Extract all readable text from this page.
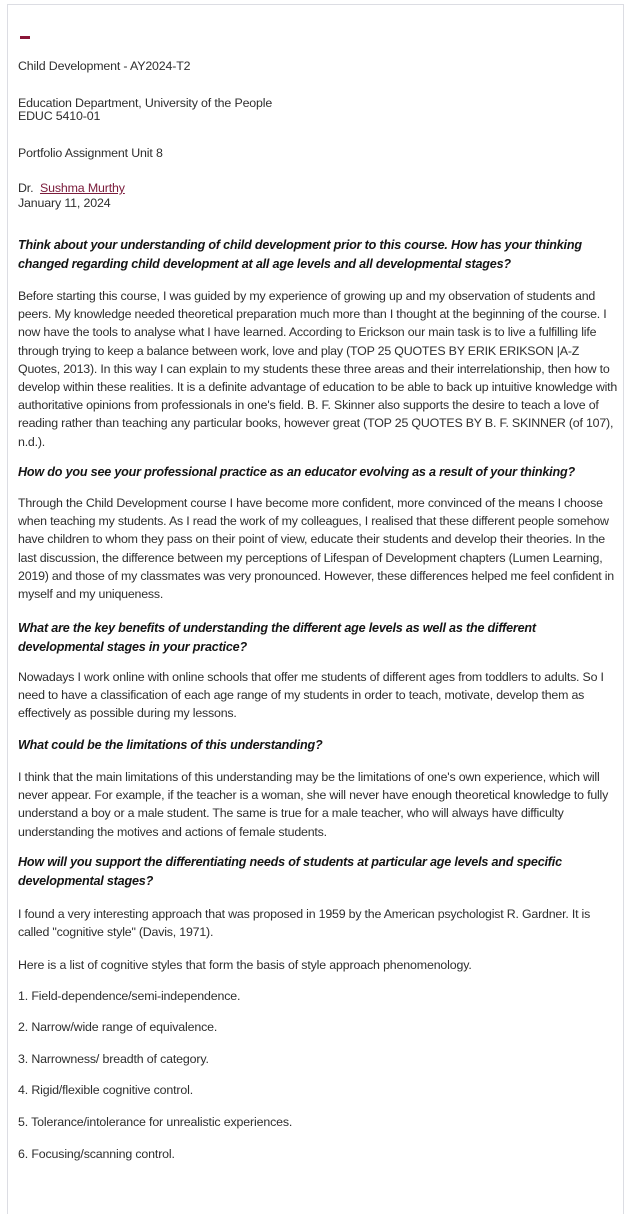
Child Development - AY2024-T2
Education Department, University of the People
EDUC 5410-01
Portfolio Assignment Unit 8
Dr. Sushma Murthy
January 11, 2024
Think about your understanding of child development prior to this course. How has your thinking changed regarding child development at all age levels and all developmental stages?
Before starting this course, I was guided by my experience of growing up and my observation of students and peers. My knowledge needed theoretical preparation much more than I thought at the beginning of the course. I now have the tools to analyse what I have learned. According to Erickson our main task is to live a fulfilling life through trying to keep a balance between work, love and play (TOP 25 QUOTES BY ERIK ERIKSON |A-Z Quotes, 2013). In this way I can explain to my students these three areas and their interrelationship, then how to develop within these realities. It is a definite advantage of education to be able to back up intuitive knowledge with authoritative opinions from professionals in one's field. B. F. Skinner also supports the desire to teach a love of reading rather than teaching any particular books, however great (TOP 25 QUOTES BY B. F. SKINNER (of 107), n.d.).
How do you see your professional practice as an educator evolving as a result of your thinking?
Through the Child Development course I have become more confident, more convinced of the means I choose when teaching my students. As I read the work of my colleagues, I realised that these different people somehow have children to whom they pass on their point of view, educate their students and develop their theories. In the last discussion, the difference between my perceptions of Lifespan of Development chapters (Lumen Learning, 2019) and those of my classmates was very pronounced. However, these differences helped me feel confident in myself and my uniqueness.
What are the key benefits of understanding the different age levels as well as the different developmental stages in your practice?
Nowadays I work online with online schools that offer me students of different ages from toddlers to adults. So I need to have a classification of each age range of my students in order to teach, motivate, develop them as effectively as possible during my lessons.
What could be the limitations of this understanding?
I think that the main limitations of this understanding may be the limitations of one's own experience, which will never appear. For example, if the teacher is a woman, she will never have enough theoretical knowledge to fully understand a boy or a male student. The same is true for a male teacher, who will always have difficulty understanding the motives and actions of female students.
How will you support the differentiating needs of students at particular age levels and specific developmental stages?
I found a very interesting approach that was proposed in 1959 by the American psychologist R. Gardner. It is called "cognitive style" (Davis, 1971).
Here is a list of cognitive styles that form the basis of style approach phenomenology.
1. Field-dependence/semi-independence.
2. Narrow/wide range of equivalence.
3. Narrowness/ breadth of category.
4. Rigid/flexible cognitive control.
5. Tolerance/intolerance for unrealistic experiences.
6. Focusing/scanning control.
